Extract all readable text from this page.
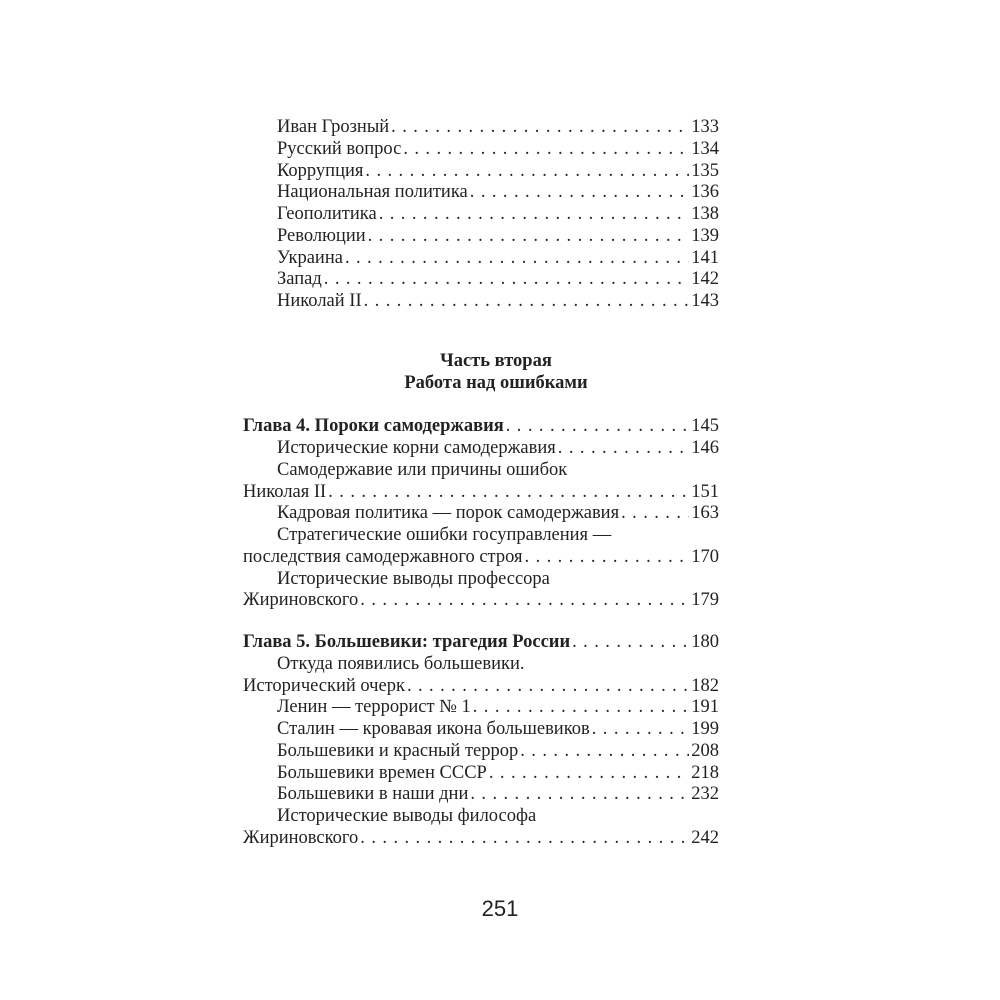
Иван Грозный . . .	133
Русский вопрос . . .	134
Коррупция . . .	135
Национальная политика . . .	136
Геополитика . . .	138
Революции . . .	139
Украина . . .	141
Запад . . .	142
Николай II . . .	143
Часть вторая
Работа над ошибками
Глава 4. Пороки самодержавия . . .	145
Исторические корни самодержавия . . .	146
Самодержавие или причины ошибок
Николая II . . .	151
Кадровая политика — порок самодержавия . . .	163
Стратегические ошибки госуправления —
последствия самодержавного строя . . .	170
Исторические выводы профессора
Жириновского . . .	179
Глава 5. Большевики: трагедия России . . .	180
Откуда появились большевики.
Исторический очерк . . .	182
Ленин — террорист № 1 . . .	191
Сталин — кровавая икона большевиков . . .	199
Большевики и красный террор . . .	208
Большевики времен СССР . . .	218
Большевики в наши дни . . .	232
Исторические выводы философа
Жириновского . . .	242
251
